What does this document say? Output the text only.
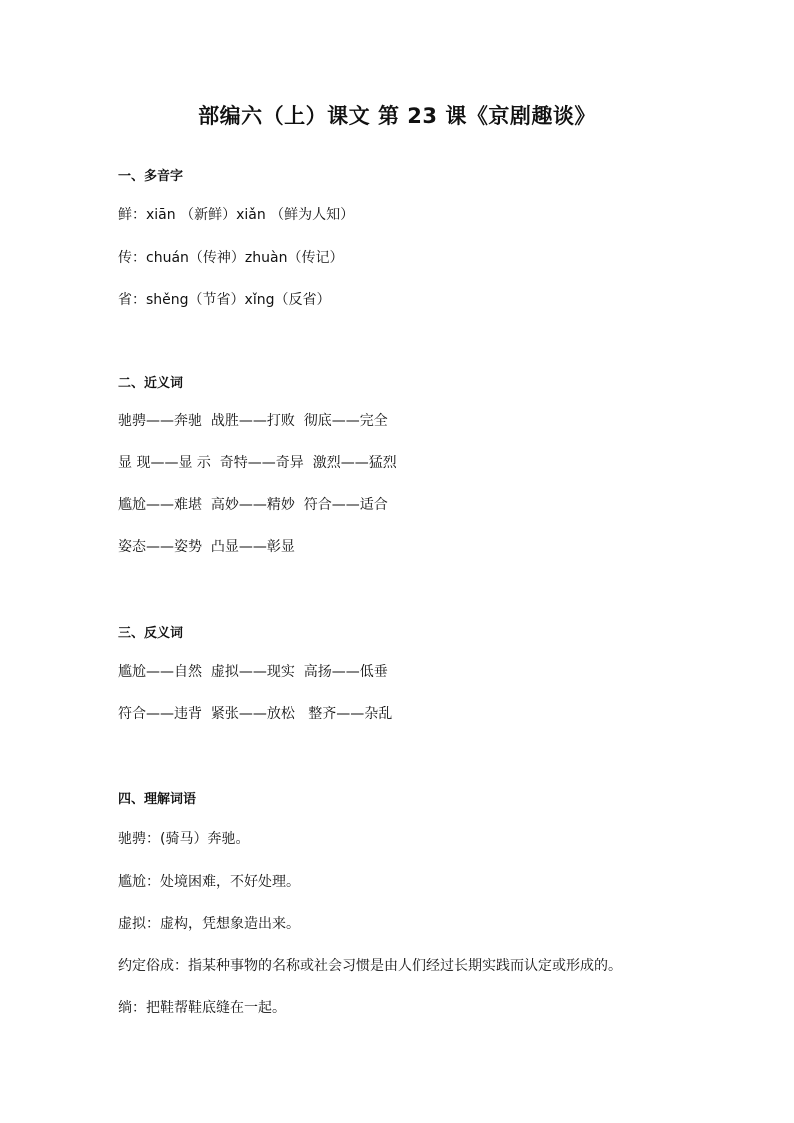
部编六（上）课文 第 23 课《京剧趣谈》
一、多音字
鲜：xiān （新鲜）xiǎn （鲜为人知）
传：chuán（传神）zhuàn（传记）
省：shěng（节省）xǐng（反省）
二、近义词
驰骋——奔驰  战胜——打败  彻底——完全
显 现——显 示  奇特——奇异  激烈——猛烈
尴尬——难堪  高妙——精妙  符合——适合
姿态——姿势  凸显——彰显
三、反义词
尴尬——自然  虚拟——现实  高扬——低垂
符合——违背  紧张——放松   整齐——杂乱
四、理解词语
驰骋：(骑马）奔驰。
尴尬：处境困难，不好处理。
虚拟：虚构，凭想象造出来。
约定俗成：指某种事物的名称或社会习惯是由人们经过长期实践而认定或形成的。
绱：把鞋帮鞋底缝在一起。
